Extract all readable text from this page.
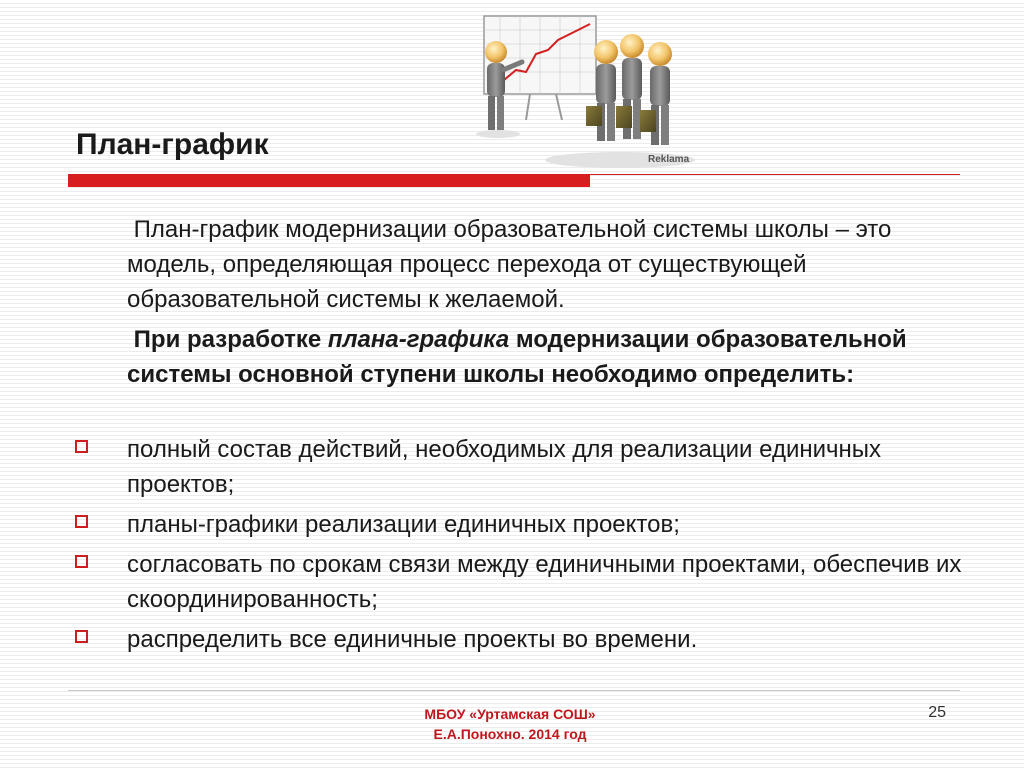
Reklama
План-график

План-график модернизации образовательной системы школы – это модель, определяющая процесс перехода от существующей образовательной системы к желаемой.

При разработке плана-графика модернизации образовательной системы основной ступени школы необходимо определить:

полный состав действий, необходимых для реализации единичных проектов;

планы-графики реализации единичных проектов;

согласовать по срокам связи между единичными проектами, обеспечив их скоординированность;

распределить все единичные проекты во времени.

МБОУ «Уртамская СОШ»
Е.А.Понохно. 2014 год
25
